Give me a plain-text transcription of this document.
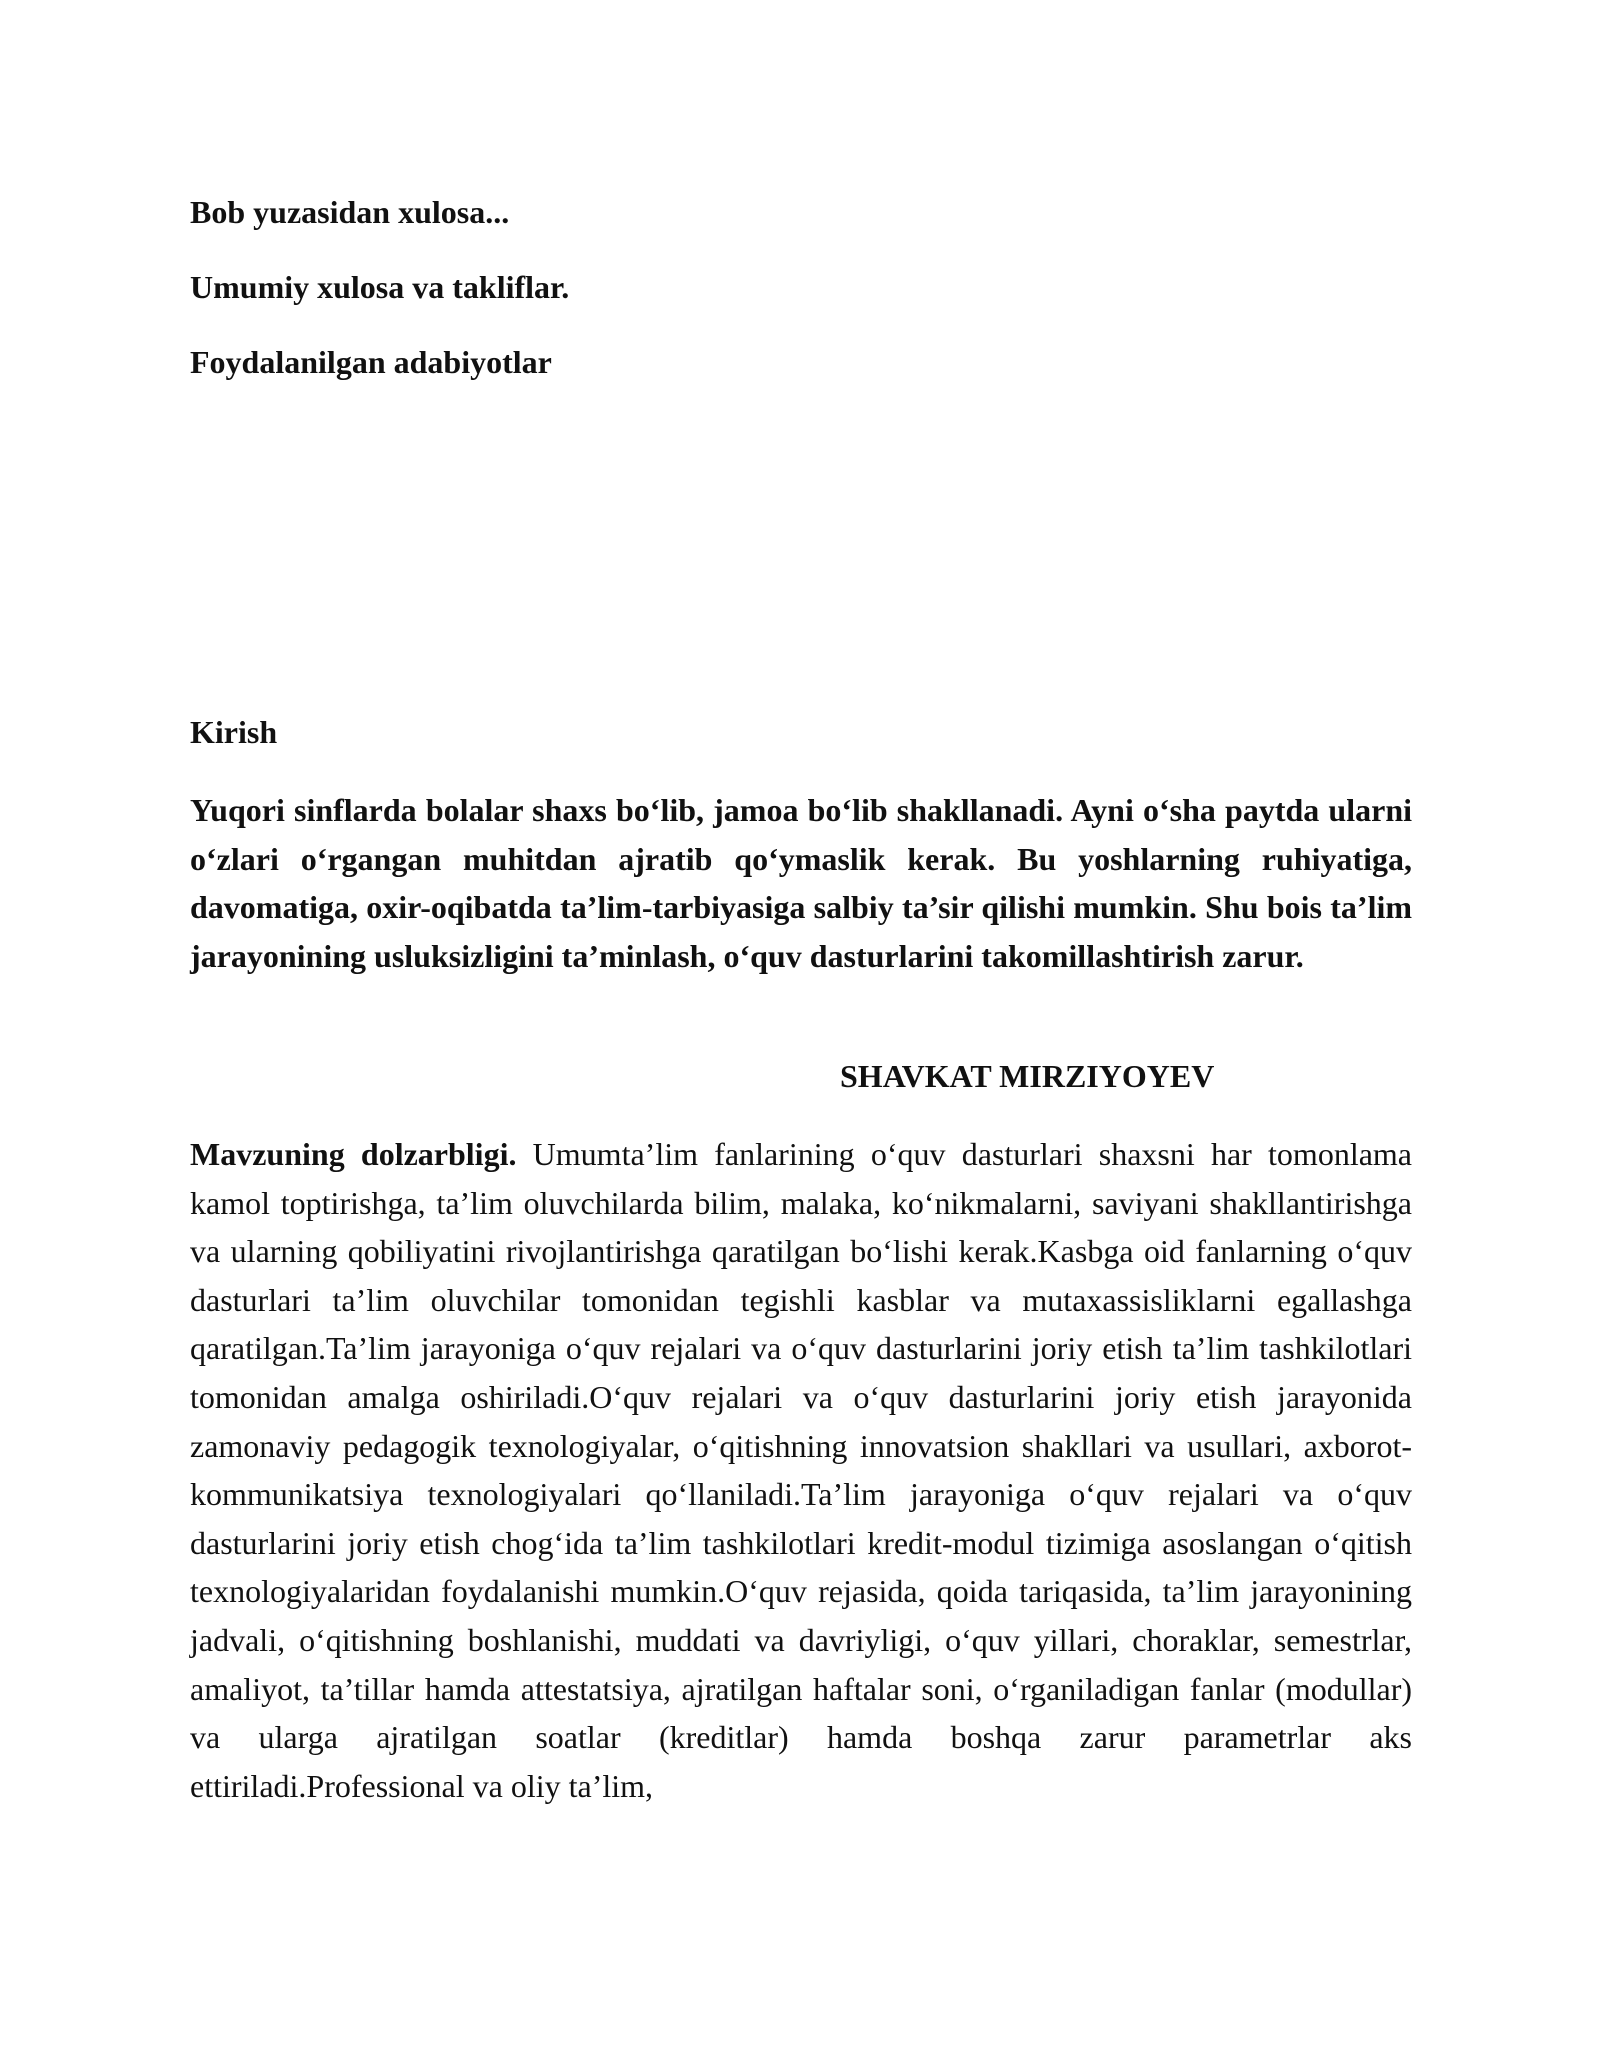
Bob yuzasidan xulosa...
Umumiy xulosa va takliflar.
Foydalanilgan adabiyotlar
Kirish
Yuqori sinflarda bolalar shaxs bo‘lib, jamoa bo‘lib shakllanadi. Ayni o‘sha paytda ularni o‘zlari o‘rgangan muhitdan ajratib qo‘ymaslik kerak. Bu yoshlarning ruhiyatiga, davomatiga, oxir-oqibatda ta’lim-tarbiyasiga salbiy ta’sir qilishi mumkin. Shu bois ta’lim jarayonining usluksizligini ta’minlash, o‘quv dasturlarini takomillashtirish zarur.
SHAVKAT MIRZIYOYEV

Mavzuning dolzarbligi. Umumta’lim fanlarining o‘quv dasturlari shaxsni har tomonlama kamol toptirishga, ta’lim oluvchilarda bilim, malaka, ko‘nikmalarni, saviyani shakllantirishga va ularning qobiliyatini rivojlantirishga qaratilgan bo‘lishi kerak.Kasbga oid fanlarning o‘quv dasturlari ta’lim oluvchilar tomonidan tegishli kasblar va mutaxassisliklarni egallashga qaratilgan.Ta’lim jarayoniga o‘quv rejalari va o‘quv dasturlarini joriy etish ta’lim tashkilotlari tomonidan amalga oshiriladi.O‘quv rejalari va o‘quv dasturlarini joriy etish jarayonida zamonaviy pedagogik texnologiyalar, o‘qitishning innovatsion shakllari va usullari, axborot-kommunikatsiya texnologiyalari qo‘llaniladi.Ta’lim jarayoniga o‘quv rejalari va o‘quv dasturlarini joriy etish chog‘ida ta’lim tashkilotlari kredit-modul tizimiga asoslangan o‘qitish texnologiyalaridan foydalanishi mumkin.O‘quv rejasida, qoida tariqasida, ta’lim jarayonining jadvali, o‘qitishning boshlanishi, muddati va davriyligi, o‘quv yillari, choraklar, semestrlar, amaliyot, ta’tillar hamda attestatsiya, ajratilgan haftalar soni, o‘rganiladigan fanlar (modullar) va ularga ajratilgan soatlar (kreditlar) hamda boshqa zarur parametrlar aks ettiriladi.Professional va oliy ta’lim,
